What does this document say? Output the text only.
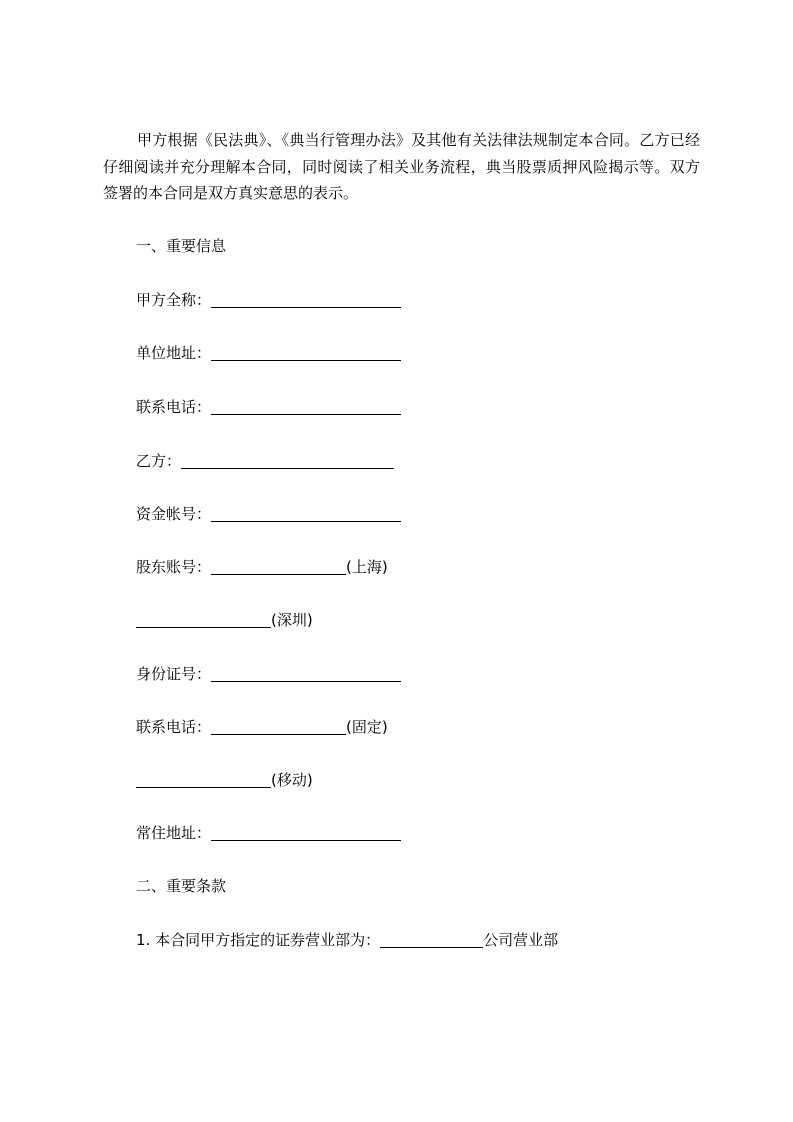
甲方根据《民法典》、《典当行管理办法》及其他有关法律法规制定本合同。乙方已经仔细阅读并充分理解本合同，同时阅读了相关业务流程，典当股票质押风险揭示等。双方签署的本合同是双方真实意思的表示。

一、重要信息
甲方全称：
单位地址：
联系电话：
乙方：
资金帐号：
股东账号：	(上海)
(深圳)
身份证号：
联系电话：	(固定)
(移动)
常住地址：
二、重要条款
1. 本合同甲方指定的证券营业部为：	公司营业部
